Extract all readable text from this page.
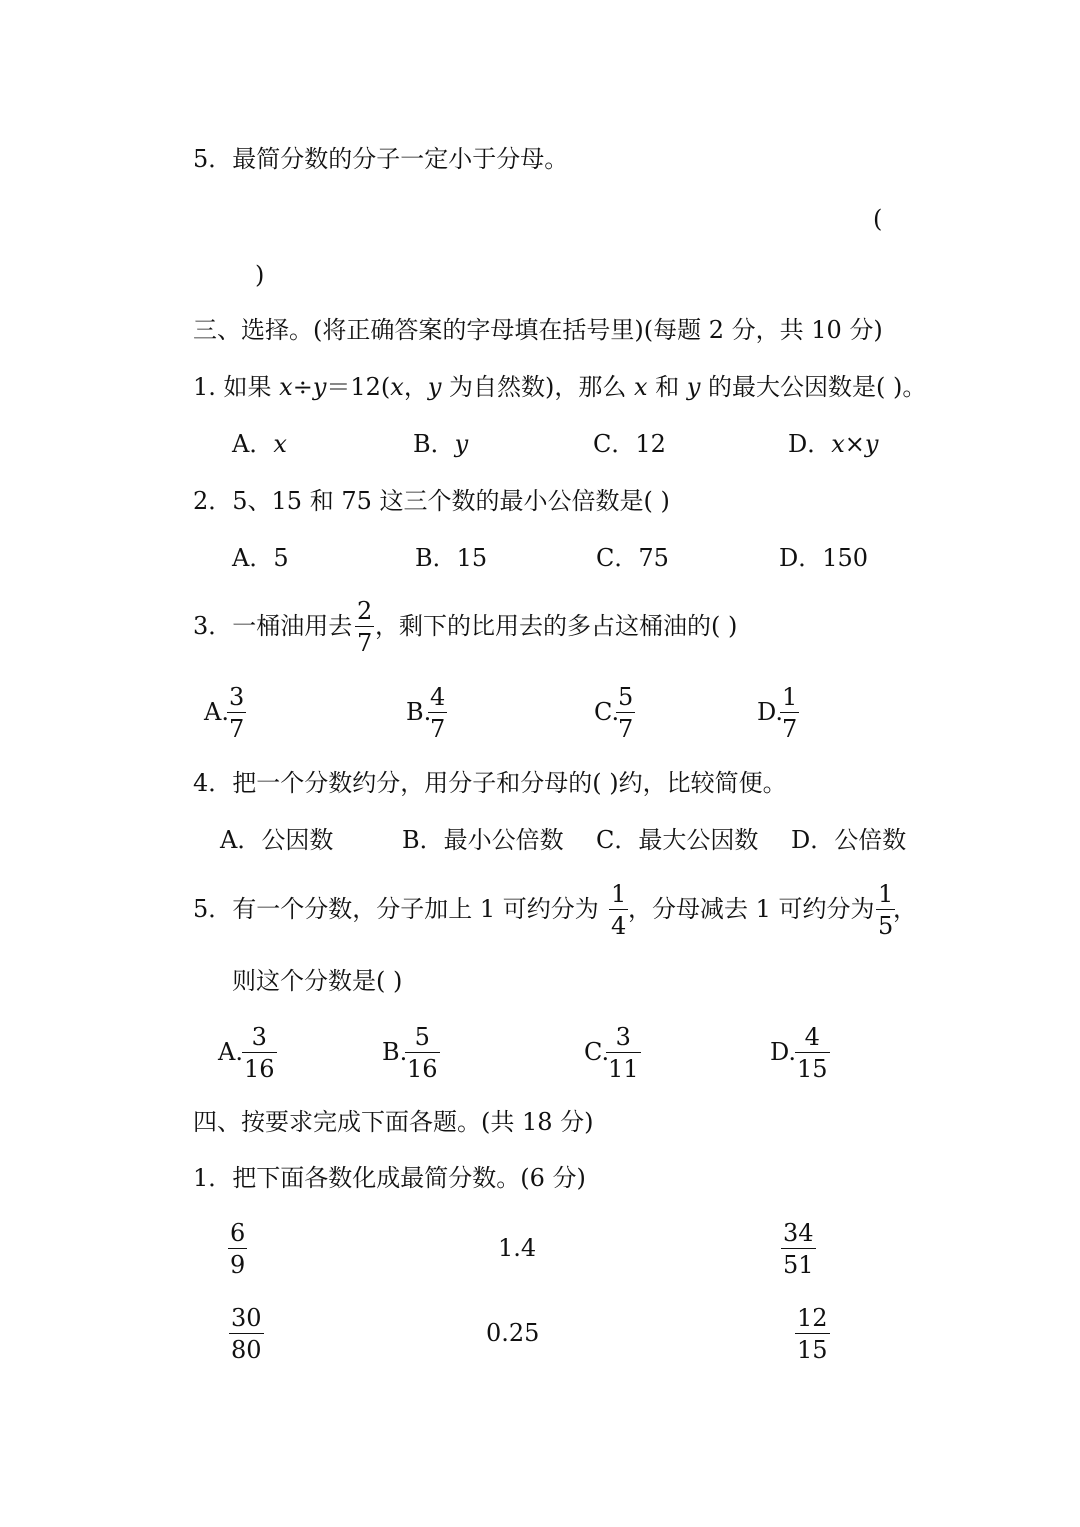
5．最简分数的分子一定小于分母。
(
)
三、选择。(将正确答案的字母填在括号里)(每题 2 分，共 10 分)
1. 如果 x÷y＝12(x，y 为自然数)，那么 x 和 y 的最大公因数是( )。
A．x	B．y	C．12	D．x×y
2．5、15 和 75 这三个数的最小公倍数是( )
A．5	B．15	C．75	D．150
3．一桶油用去 $\frac{2}{7}$ ，剩下的比用去的多占这桶油的( )
A.
$\frac{3}{7}$	B.
$\frac{4}{7}$	C.
$\frac{5}{7}$	D.
$\frac{1}{7}$
4．把一个分数约分，用分子和分母的( )约，比较简便。
A．公因数	B．最小公倍数 C．最大公因数 D．公倍数
5．有一个分数，分子加上 1 可约分为 $\frac{1}{4}$ ，分母减去 1 可约分为 $\frac{1}{5}$
，
则这个分数是( )
A. $\frac{3}{16}$	B.
$\frac{5}{16}$	C.
$\frac{3}{11}$	D.
$\frac{4}{15}$
四、按要求完成下面各题。(共 18 分)
1．把下面各数化成最简分数。(6 分)
$\frac{6}{9}$	1.4	$\frac{34}{51}$
$\frac{30}{80}$	0.25	$\frac{12}{15}$
